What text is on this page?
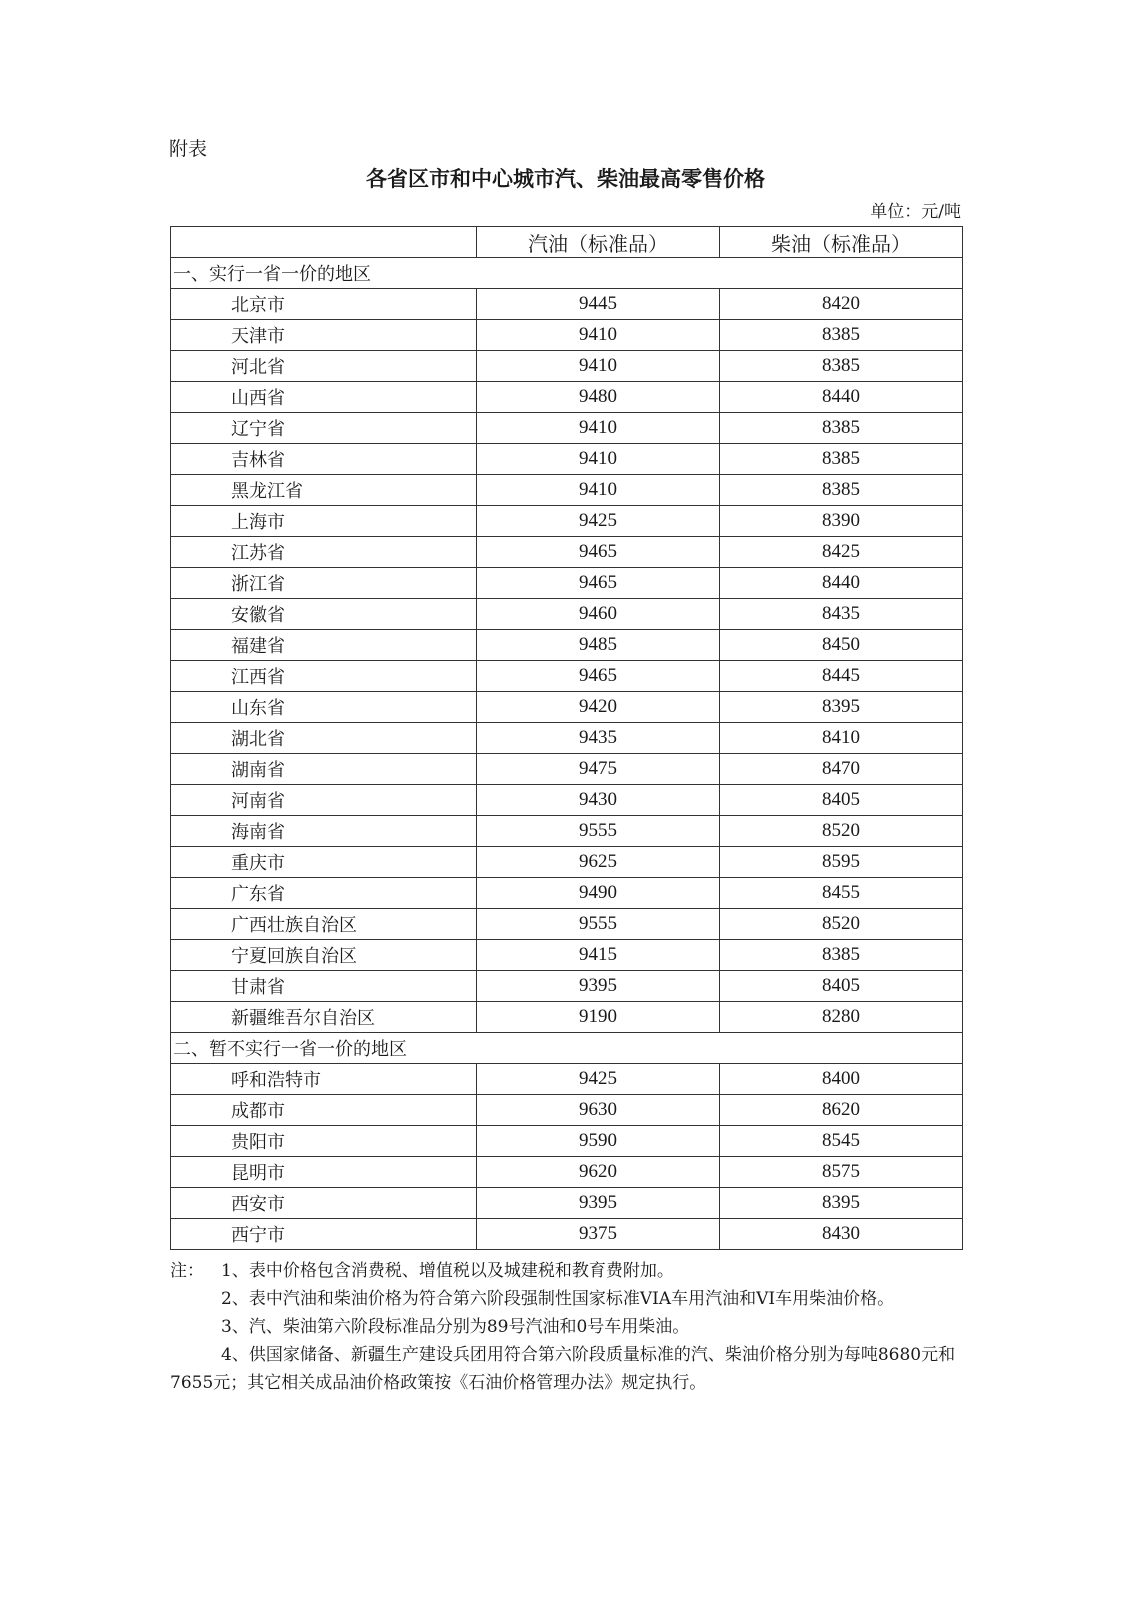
附表
各省区市和中心城市汽、柴油最高零售价格
单位：元/吨
	汽油（标准品）	柴油（标准品）
一、实行一省一价的地区		
北京市	9445	8420
天津市	9410	8385
河北省	9410	8385
山西省	9480	8440
辽宁省	9410	8385
吉林省	9410	8385
黑龙江省	9410	8385
上海市	9425	8390
江苏省	9465	8425
浙江省	9465	8440
安徽省	9460	8435
福建省	9485	8450
江西省	9465	8445
山东省	9420	8395
湖北省	9435	8410
湖南省	9475	8470
河南省	9430	8405
海南省	9555	8520
重庆市	9625	8595
广东省	9490	8455
广西壮族自治区	9555	8520
宁夏回族自治区	9415	8385
甘肃省	9395	8405
新疆维吾尔自治区	9190	8280
二、暂不实行一省一价的地区		
呼和浩特市	9425	8400
成都市	9630	8620
贵阳市	9590	8545
昆明市	9620	8575
西安市	9395	8395
西宁市	9375	8430

注： 1、表中价格包含消费税、增值税以及城建税和教育费附加。

2、表中汽油和柴油价格为符合第六阶段强制性国家标准VIA车用汽油和VI车用柴油价格。

3、汽、柴油第六阶段标准品分别为89号汽油和0号车用柴油。

4、供国家储备、新疆生产建设兵团用符合第六阶段质量标准的汽、柴油价格分别为每吨8680元和7655元；其它相关成品油价格政策按《石油价格管理办法》规定执行。
